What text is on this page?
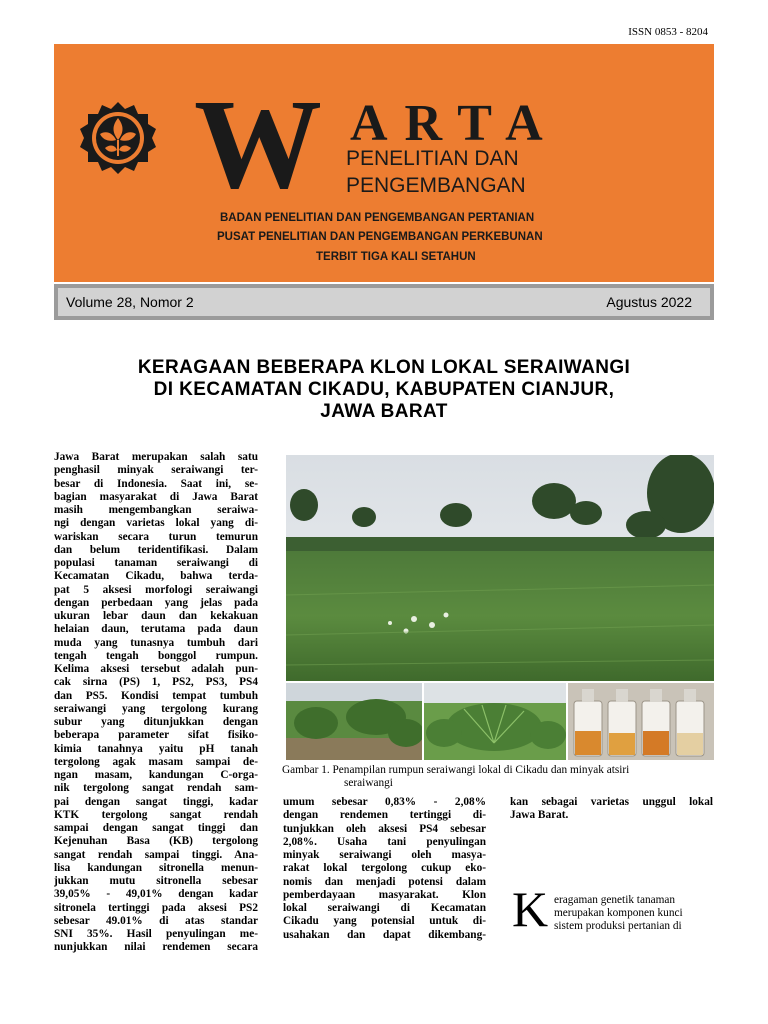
ISSN 0853 - 8204
W ARTA
PENELITIAN DAN
PENGEMBANGAN
BADAN PENELITIAN DAN PENGEMBANGAN PERTANIAN
PUSAT PENELITIAN DAN PENGEMBANGAN PERKEBUNAN
TERBIT TIGA KALI SETAHUN
Volume 28, Nomor 2	Agustus 2022
KERAGAAN BEBERAPA KLON LOKAL SERAIWANGI
DI KECAMATAN CIKADU, KABUPATEN CIANJUR,
JAWA BARAT
Jawa Barat merupakan salah satu
penghasil minyak seraiwangi ter-
besar di Indonesia. Saat ini, se-
bagian masyarakat di Jawa Barat
masih mengembangkan seraiwa-
ngi dengan varietas lokal yang di-
wariskan secara turun temurun
dan belum teridentifikasi. Dalam
populasi tanaman seraiwangi di
Kecamatan Cikadu, bahwa terda-
pat 5 aksesi morfologi seraiwangi
dengan perbedaan yang jelas pada
ukuran lebar daun dan kekakuan
helaian daun, terutama pada daun
muda yang tunasnya tumbuh dari
tengah tengah bonggol rumpun.
Kelima aksesi tersebut adalah pun-
cak sirna (PS) 1, PS2, PS3, PS4
dan PS5. Kondisi tempat tumbuh
seraiwangi yang tergolong kurang
subur yang ditunjukkan dengan
beberapa parameter sifat fisiko-
kimia tanahnya yaitu pH tanah
tergolong agak masam sampai de-
ngan masam, kandungan C-orga-
nik tergolong sangat rendah sam-
pai dengan sangat tinggi, kadar
KTK tergolong sangat rendah
sampai dengan sangat tinggi dan
Kejenuhan Basa (KB) tergolong
sangat rendah sampai tinggi. Ana-
lisa kandungan sitronella menun-
jukkan mutu sitronella sebesar
39,05% - 49,01% dengan kadar
sitronela tertinggi pada aksesi PS2
sebesar 49.01% di atas standar
SNI 35%. Hasil penyulingan me-
nunjukkan nilai rendemen secara
Gambar 1. Penampilan rumpun seraiwangi lokal di Cikadu dan minyak atsiri
seraiwangi
umum sebesar 0,83% - 2,08%
dengan rendemen tertinggi di-
tunjukkan oleh aksesi PS4 sebesar
2,08%. Usaha tani penyulingan
minyak seraiwangi oleh masya-
rakat lokal tergolong cukup eko-
nomis dan menjadi potensi dalam
pemberdayaan masyarakat. Klon
lokal seraiwangi di Kecamatan
Cikadu yang potensial untuk di-
usahakan dan dapat dikembang-
kan sebagai varietas unggul lokal
Jawa Barat.
K eragaman genetik tanaman
merupakan komponen kunci
sistem produksi pertanian di
